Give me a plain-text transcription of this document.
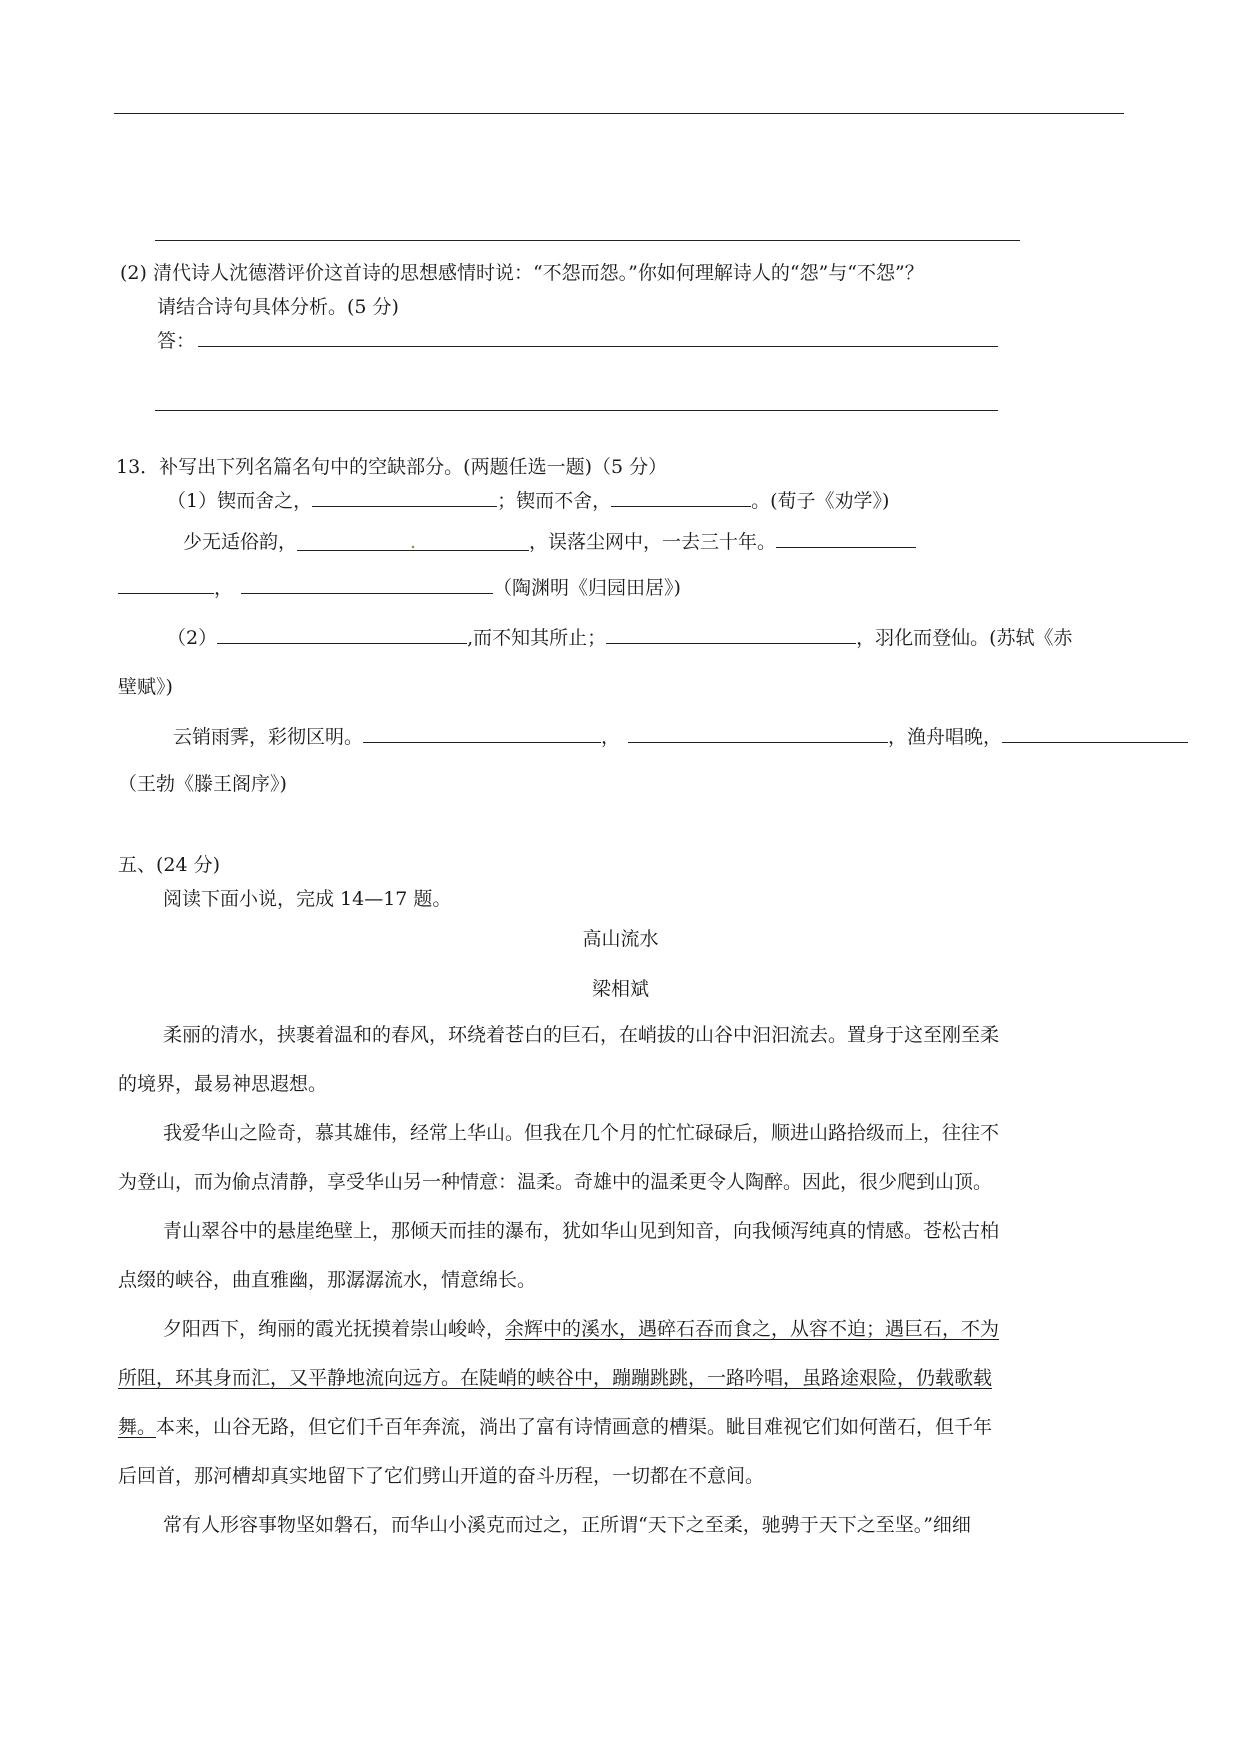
(2) 清代诗人沈德潜评价这首诗的思想感情时说：“不怨而怨。”你如何理解诗人的“怨”与“不怨”？
请结合诗句具体分析。(5 分)
答：
13．补写出下列名篇名句中的空缺部分。(两题任选一题)（5 分）
（1）锲而舍之，	；锲而不舍，	。(荀子《劝学》)
少无适俗韵，	.	，误落尘网中，一去三十年。
，	（陶渊明《归园田居》)
（2）	,而不知其所止；	，羽化而登仙。(苏轼《赤
壁赋》)
云销雨霁，彩彻区明。	，	，渔舟唱晚，
（王勃《滕王阁序》)
五、(24 分)
阅读下面小说，完成 14—17 题。
高山流水
梁相斌
柔丽的清水，挟裹着温和的春风，环绕着苍白的巨石，在峭拔的山谷中汩汩流去。置身于这至刚至柔
的境界，最易神思遐想。
我爱华山之险奇，慕其雄伟，经常上华山。但我在几个月的忙忙碌碌后，顺进山路拾级而上，往往不
为登山，而为偷点清静，享受华山另一种情意：温柔。奇雄中的温柔更令人陶醉。因此，很少爬到山顶。
青山翠谷中的悬崖绝壁上，那倾天而挂的瀑布，犹如华山见到知音，向我倾泻纯真的情感。苍松古柏
点缀的峡谷，曲直雅幽，那潺潺流水，情意绵长。
夕阳西下，绚丽的霞光抚摸着崇山峻岭，余辉中的溪水，遇碎石吞而食之，从容不迫；遇巨石，不为
所阻，环其身而汇，又平静地流向远方。在陡峭的峡谷中，蹦蹦跳跳，一路吟唱，虽路途艰险，仍载歌载
舞。本来，山谷无路，但它们千百年奔流，淌出了富有诗情画意的槽渠。眦目难视它们如何凿石，但千年
后回首，那河槽却真实地留下了它们劈山开道的奋斗历程，一切都在不意间。
常有人形容事物坚如磐石，而华山小溪克而过之，正所谓“天下之至柔，驰骋于天下之至坚。”细细
